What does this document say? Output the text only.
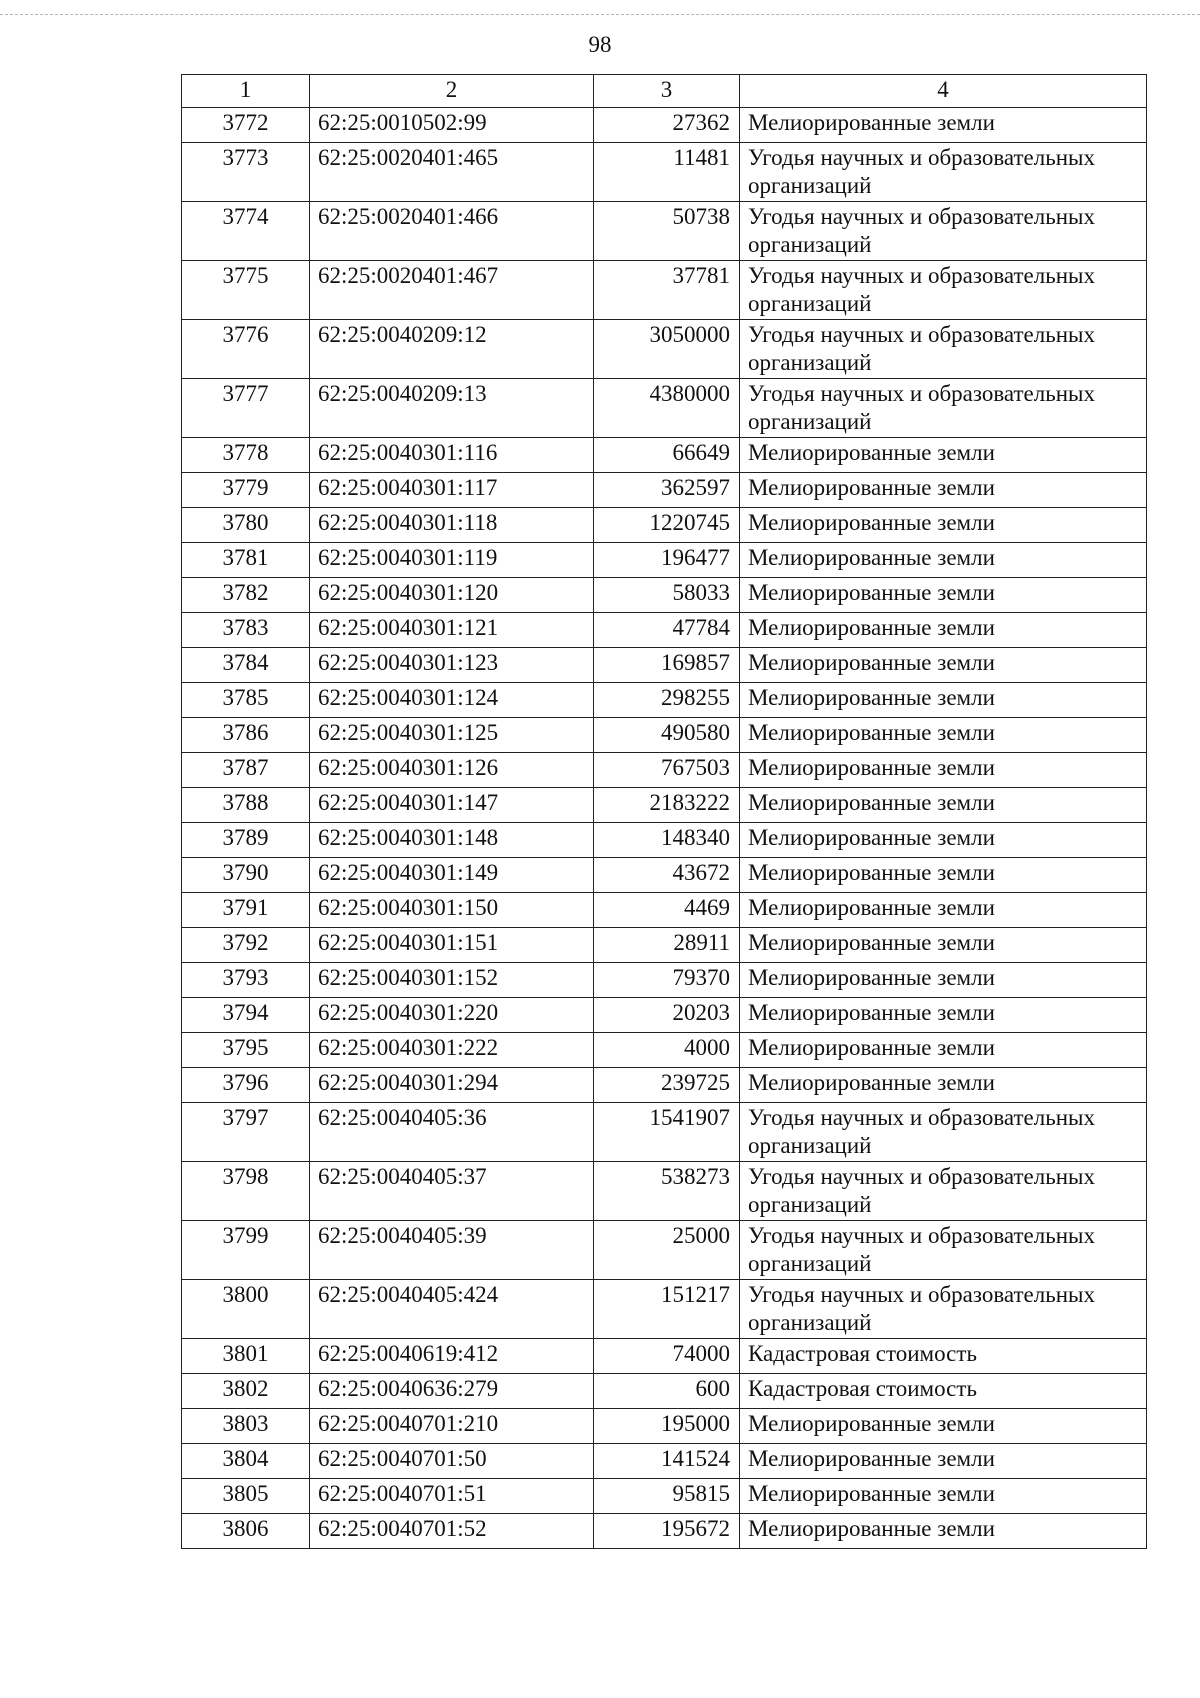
98
1	2	3	4
3772	62:25:0010502:99	27362	Мелиорированные земли
3773	62:25:0020401:465	11481	Угодья научных и образовательных организаций
3774	62:25:0020401:466	50738	Угодья научных и образовательных организаций
3775	62:25:0020401:467	37781	Угодья научных и образовательных организаций
3776	62:25:0040209:12	3050000	Угодья научных и образовательных организаций
3777	62:25:0040209:13	4380000	Угодья научных и образовательных организаций
3778	62:25:0040301:116	66649	Мелиорированные земли
3779	62:25:0040301:117	362597	Мелиорированные земли
3780	62:25:0040301:118	1220745	Мелиорированные земли
3781	62:25:0040301:119	196477	Мелиорированные земли
3782	62:25:0040301:120	58033	Мелиорированные земли
3783	62:25:0040301:121	47784	Мелиорированные земли
3784	62:25:0040301:123	169857	Мелиорированные земли
3785	62:25:0040301:124	298255	Мелиорированные земли
3786	62:25:0040301:125	490580	Мелиорированные земли
3787	62:25:0040301:126	767503	Мелиорированные земли
3788	62:25:0040301:147	2183222	Мелиорированные земли
3789	62:25:0040301:148	148340	Мелиорированные земли
3790	62:25:0040301:149	43672	Мелиорированные земли
3791	62:25:0040301:150	4469	Мелиорированные земли
3792	62:25:0040301:151	28911	Мелиорированные земли
3793	62:25:0040301:152	79370	Мелиорированные земли
3794	62:25:0040301:220	20203	Мелиорированные земли
3795	62:25:0040301:222	4000	Мелиорированные земли
3796	62:25:0040301:294	239725	Мелиорированные земли
3797	62:25:0040405:36	1541907	Угодья научных и образовательных организаций
3798	62:25:0040405:37	538273	Угодья научных и образовательных организаций
3799	62:25:0040405:39	25000	Угодья научных и образовательных организаций
3800	62:25:0040405:424	151217	Угодья научных и образовательных организаций
3801	62:25:0040619:412	74000	Кадастровая стоимость
3802	62:25:0040636:279	600	Кадастровая стоимость
3803	62:25:0040701:210	195000	Мелиорированные земли
3804	62:25:0040701:50	141524	Мелиорированные земли
3805	62:25:0040701:51	95815	Мелиорированные земли
3806	62:25:0040701:52	195672	Мелиорированные земли
